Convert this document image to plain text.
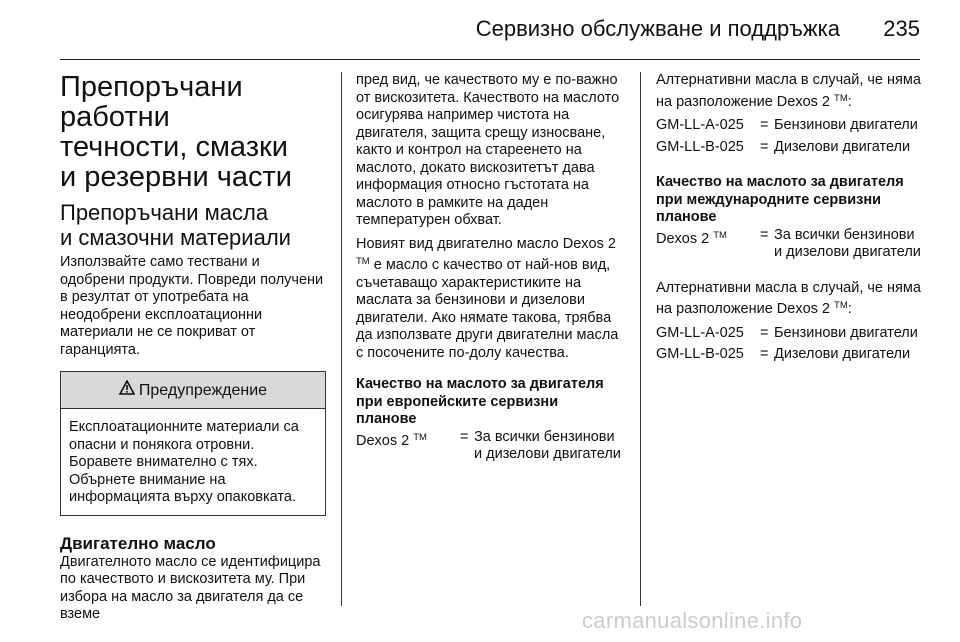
Сервизно обслужване и поддръжка 235
Препоръчани работни
течности, смазки
и резервни части
Препоръчани масла
и смазочни материали

Използвайте само тествани и одобрени продукти. Повреди получени в резултат от употребата на неодобрени експлоатационни материали не се покриват от гаранцията.

Предупреждение
Експлоатационните материали са опасни и понякога отровни. Боравете внимателно с тях. Обърнете внимание на информацията върху опаковката.
Двигателно масло

Двигателното масло се идентифицира по качеството и вискозитета му. При избора на масло за двигателя да се вземе

пред вид, че качеството му е по-важно от вискозитета. Качеството на маслото осигурява например чистота на двигателя, защита срещу износване, както и контрол на стареенето на маслото, докато вискозитетът дава информация относно гъстотата на маслото в рамките на даден температурен обхват.

Новият вид двигателно масло Dexos 2 ™ е масло с качество от най-нов вид, съчетаващо характеристиките на маслата за бензинови и дизелови двигатели. Ако нямате такова, трябва да използвате други двигателни масла с посочените по-долу качества.

Качество на маслото за двигателя
при европейските сервизни
планове
Dexos 2 ™	=	За всички бензинови и дизелови двигатели

Алтернативни масла в случай, че няма на разположение Dexos 2 ™:

GM-LL-A-025	=	Бензинови двигатели
GM-LL-B-025	=	Дизелови двигатели
Качество на маслото за двигателя
при международните сервизни
планове
Dexos 2 ™	=	За всички бензинови и дизелови двигатели

Алтернативни масла в случай, че няма на разположение Dexos 2 ™:

GM-LL-A-025	=	Бензинови двигатели
GM-LL-B-025	=	Дизелови двигатели
carmanualsonline.info
